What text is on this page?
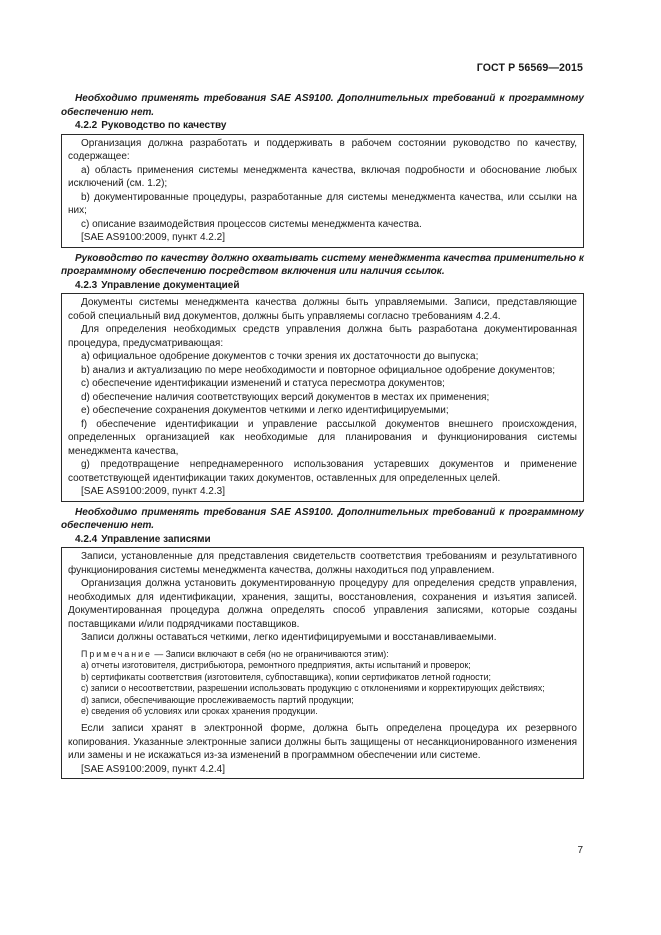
ГОСТ Р 56569—2015

Необходимо применять требования SAE AS9100. Дополнительных требований к программному обеспечению нет.

4.2.2 Руководство по качеству

Организация должна разработать и поддерживать в рабочем состоянии руководство по качеству, содержащее:

a) область применения системы менеджмента качества, включая подробности и обоснование любых исключений (см. 1.2);

b) документированные процедуры, разработанные для системы менеджмента качества, или ссылки на них;

c) описание взаимодействия процессов системы менеджмента качества.

[SAE AS9100:2009, пункт 4.2.2]

Руководство по качеству должно охватывать систему менеджмента качества применительно к программному обеспечению посредством включения или наличия ссылок.

4.2.3 Управление документацией

Документы системы менеджмента качества должны быть управляемыми. Записи, представляющие собой специальный вид документов, должны быть управляемы согласно требованиям 4.2.4.

Для определения необходимых средств управления должна быть разработана документированная процедура, предусматривающая:

a) официальное одобрение документов с точки зрения их достаточности до выпуска;

b) анализ и актуализацию по мере необходимости и повторное официальное одобрение документов;

c) обеспечение идентификации изменений и статуса пересмотра документов;

d) обеспечение наличия соответствующих версий документов в местах их применения;

e) обеспечение сохранения документов четкими и легко идентифицируемыми;

f) обеспечение идентификации и управление рассылкой документов внешнего происхождения, определенных организацией как необходимые для планирования и функционирования системы менеджмента качества,

g) предотвращение непреднамеренного использования устаревших документов и применение соответствующей идентификации таких документов, оставленных для определенных целей.

[SAE AS9100:2009, пункт 4.2.3]

Необходимо применять требования SAE AS9100. Дополнительных требований к программному обеспечению нет.

4.2.4 Управление записями

Записи, установленные для представления свидетельств соответствия требованиям и результативного функционирования системы менеджмента качества, должны находиться под управлением.

Организация должна установить документированную процедуру для определения средств управления, необходимых для идентификации, хранения, защиты, восстановления, сохранения и изъятия записей. Документированная процедура должна определять способ управления записями, которые созданы поставщиками и/или подрядчиками поставщиков.

Записи должны оставаться четкими, легко идентифицируемыми и восстанавливаемыми.

Примечание — Записи включают в себя (но не ограничиваются этим):

a) отчеты изготовителя, дистрибьютора, ремонтного предприятия, акты испытаний и проверок;

b) сертификаты соответствия (изготовителя, субпоставщика), копии сертификатов летной годности;

c) записи о несоответствии, разрешении использовать продукцию с отклонениями и корректирующих действиях;

d) записи, обеспечивающие прослеживаемость партий продукции;

e) сведения об условиях или сроках хранения продукции.

Если записи хранят в электронной форме, должна быть определена процедура их резервного копирования. Указанные электронные записи должны быть защищены от несанкционированного изменения или замены и не искажаться из-за изменений в программном обеспечении или системе.

[SAE AS9100:2009, пункт 4.2.4]

7
